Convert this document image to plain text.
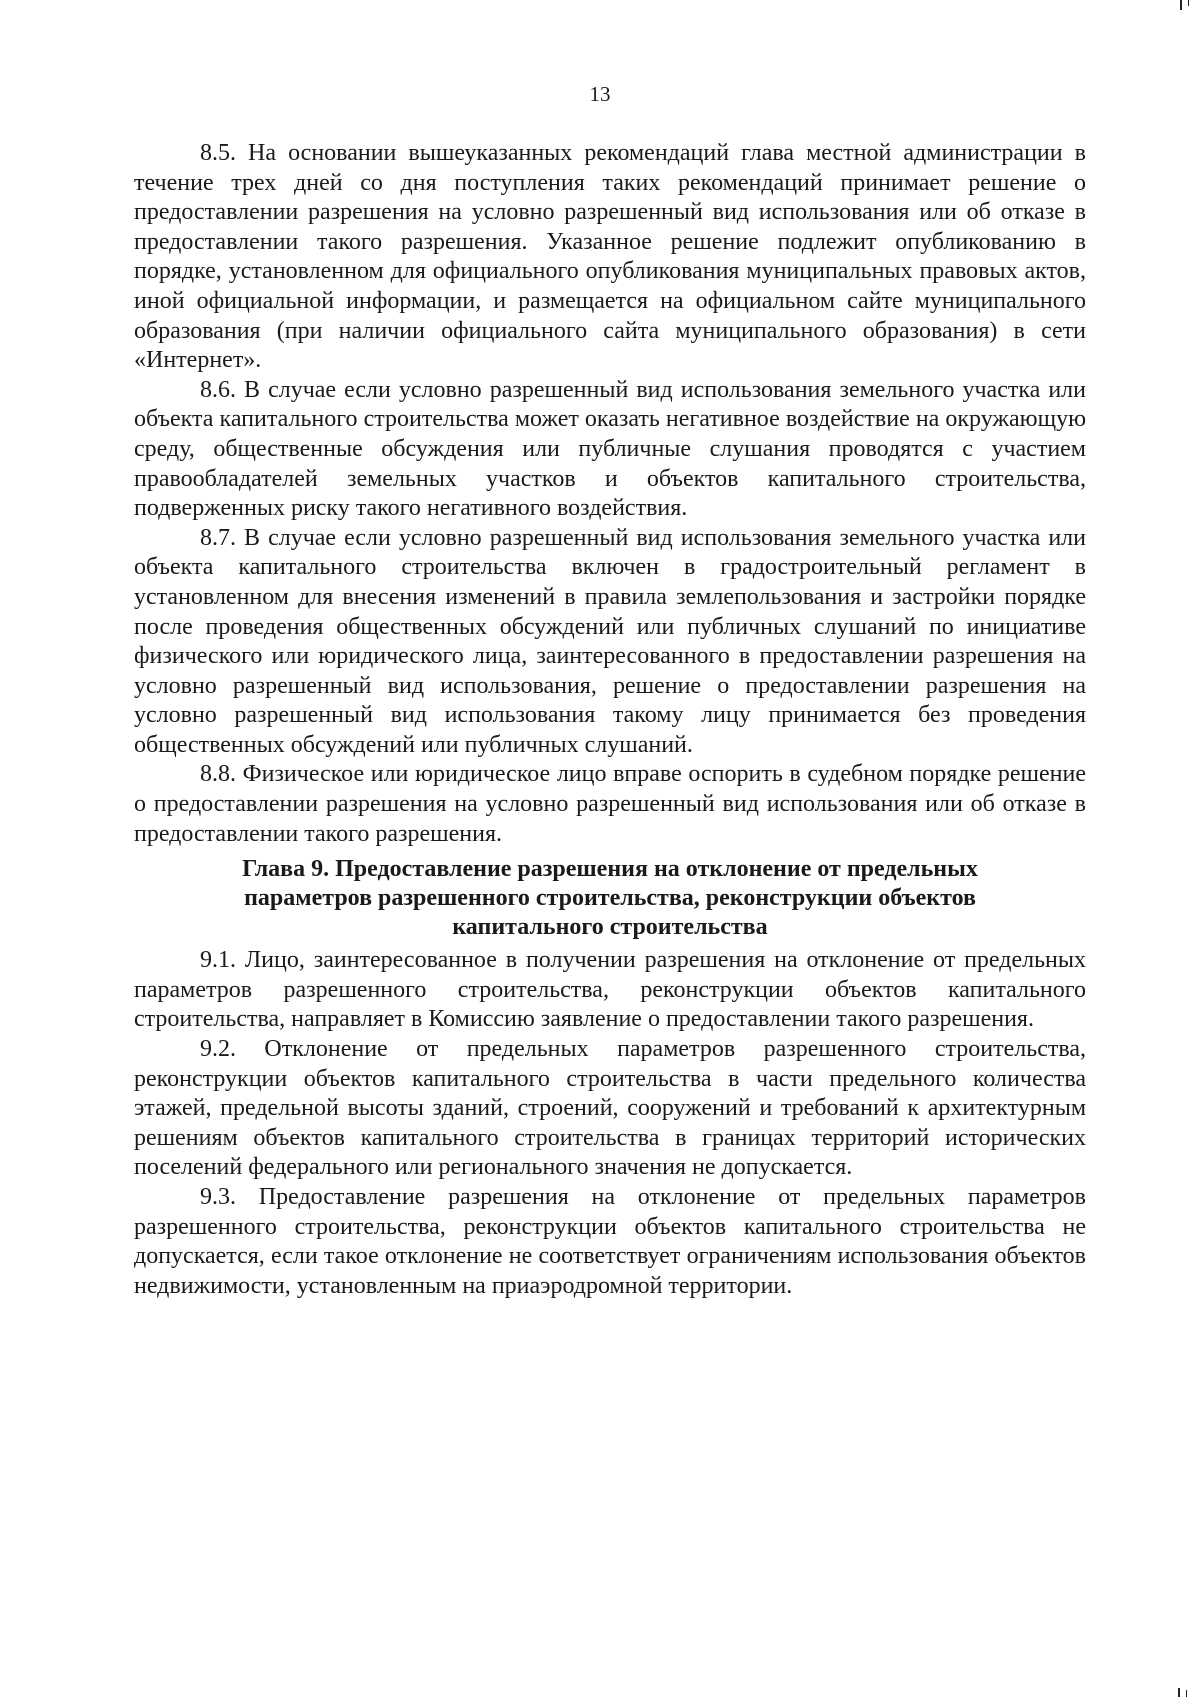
13

8.5. На основании вышеуказанных рекомендаций глава местной администрации в течение трех дней со дня поступления таких рекомендаций принимает решение о предоставлении разрешения на условно разрешенный вид использования или об отказе в предоставлении такого разрешения. Указанное решение подлежит опубликованию в порядке, установленном для официального опубликования муниципальных правовых актов, иной официальной информации, и размещается на официальном сайте муниципального образования (при наличии официального сайта муниципального образования) в сети «Интернет».

8.6. В случае если условно разрешенный вид использования земельного участка или объекта капитального строительства может оказать негативное воздействие на окружающую среду, общественные обсуждения или публичные слушания проводятся с участием правообладателей земельных участков и объектов капитального строительства, подверженных риску такого негативного воздействия.

8.7. В случае если условно разрешенный вид использования земельного участка или объекта капитального строительства включен в градостроительный регламент в установленном для внесения изменений в правила землепользования и застройки порядке после проведения общественных обсуждений или публичных слушаний по инициативе физического или юридического лица, заинтересованного в предоставлении разрешения на условно разрешенный вид использования, решение о предоставлении разрешения на условно разрешенный вид использования такому лицу принимается без проведения общественных обсуждений или публичных слушаний.

8.8. Физическое или юридическое лицо вправе оспорить в судебном порядке решение о предоставлении разрешения на условно разрешенный вид использования или об отказе в предоставлении такого разрешения.

Глава 9. Предоставление разрешения на отклонение от предельных
параметров разрешенного строительства, реконструкции объектов
капитального строительства

9.1. Лицо, заинтересованное в получении разрешения на отклонение от предельных параметров разрешенного строительства, реконструкции объектов капитального строительства, направляет в Комиссию заявление о предоставлении такого разрешения.

9.2. Отклонение от предельных параметров разрешенного строительства, реконструкции объектов капитального строительства в части предельного количества этажей, предельной высоты зданий, строений, сооружений и требований к архитектурным решениям объектов капитального строительства в границах территорий исторических поселений федерального или регионального значения не допускается.

9.3. Предоставление разрешения на отклонение от предельных параметров разрешенного строительства, реконструкции объектов капитального строительства не допускается, если такое отклонение не соответствует ограничениям использования объектов недвижимости, установленным на приаэродромной территории.
